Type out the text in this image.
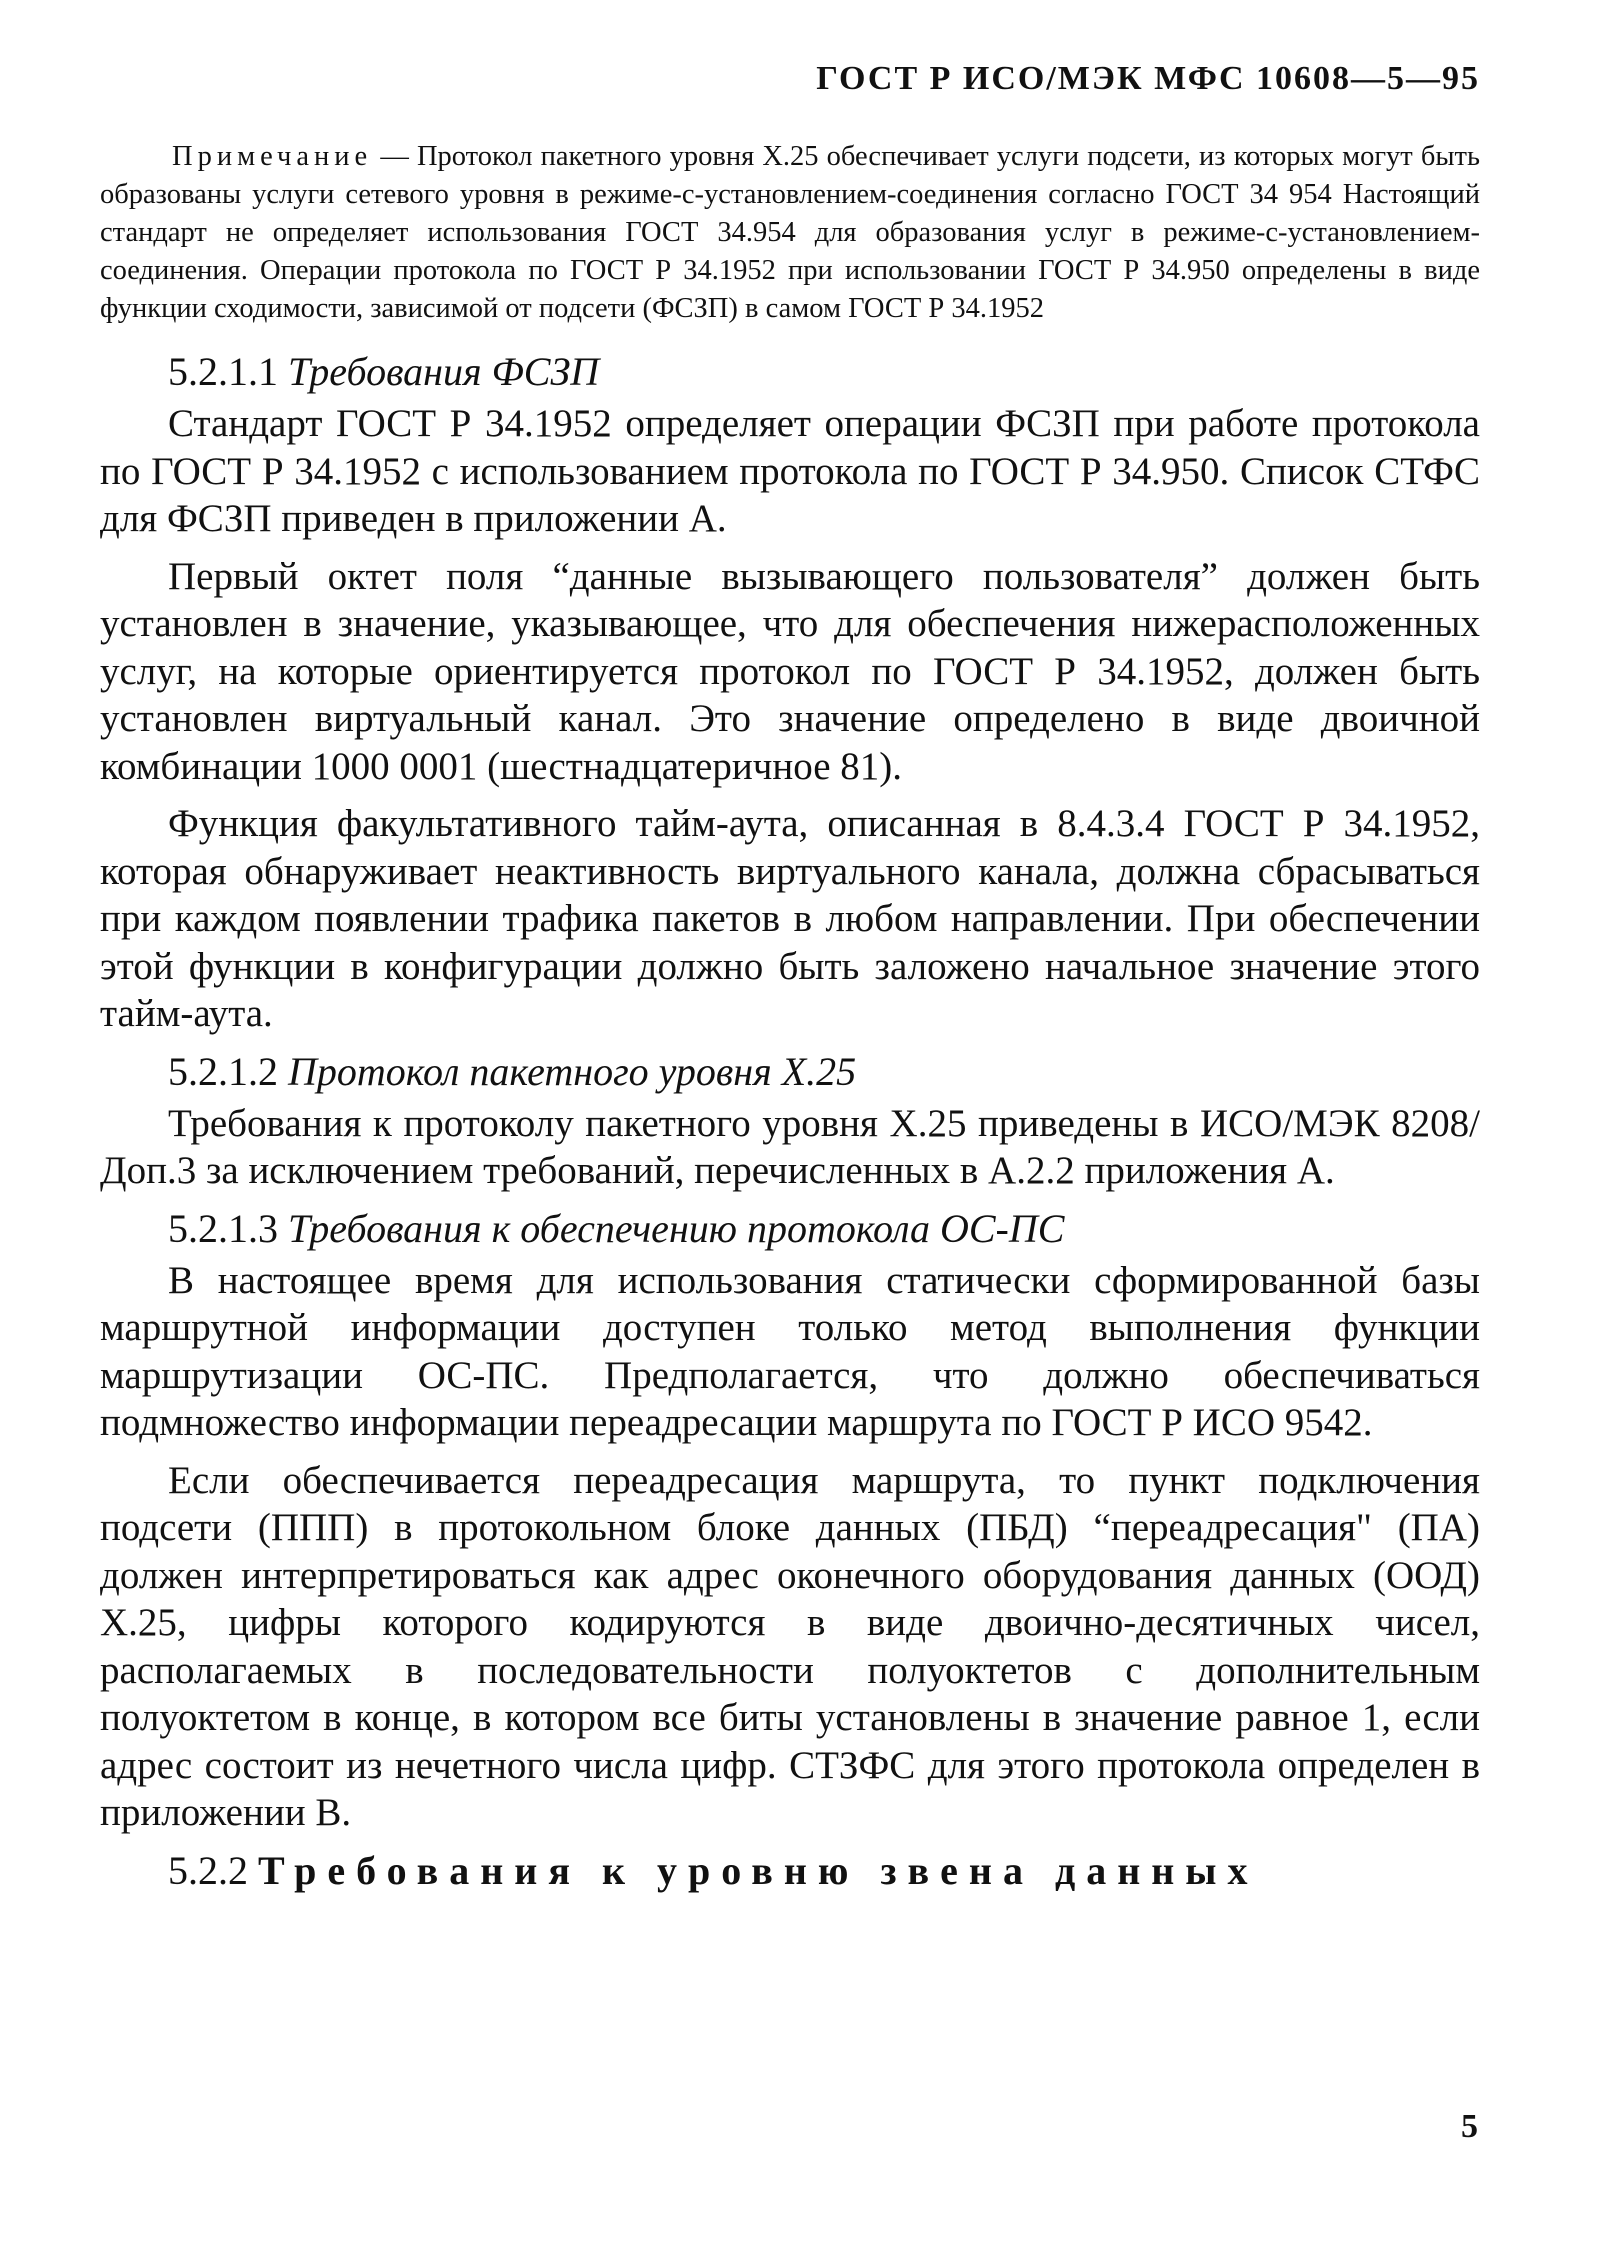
ГОСТ Р ИСО/МЭК МФС 10608—5—95

Примечание — Протокол пакетного уровня Х.25 обеспечивает услуги подсети, из которых могут быть образованы услуги сетевого уровня в режиме-с-установлением-соединения согласно ГОСТ 34 954 Настоящий стандарт не определяет использования ГОСТ 34.954 для образования услуг в режиме-с-установлением-соединения. Операции протокола по ГОСТ Р 34.1952 при использовании ГОСТ Р 34.950 определены в виде функции сходимости, зависимой от подсети (ФСЗП) в самом ГОСТ Р 34.1952

5.2.1.1 Требования ФСЗП

Стандарт ГОСТ Р 34.1952 определяет операции ФСЗП при работе протокола по ГОСТ Р 34.1952 с использованием протокола по ГОСТ Р 34.950. Список СТФС для ФСЗП приведен в приложении А.

Первый октет поля “данные вызывающего пользователя” должен быть установлен в значение, указывающее, что для обеспечения нижерасположенных услуг, на которые ориентируется протокол по ГОСТ Р 34.1952, должен быть установлен виртуальный канал. Это значение определено в виде двоичной комбинации 1000 0001 (шестнадцатеричное 81).

Функция факультативного тайм-аута, описанная в 8.4.3.4 ГОСТ Р 34.1952, которая обнаруживает неактивность виртуального канала, должна сбрасываться при каждом появлении трафика пакетов в любом направлении. При обеспечении этой функции в конфигурации должно быть заложено начальное значение этого тайм-аута.

5.2.1.2 Протокол пакетного уровня Х.25

Требования к протоколу пакетного уровня Х.25 приведены в ИСО/МЭК 8208/Доп.3 за исключением требований, перечисленных в А.2.2 приложения А.

5.2.1.3 Требования к обеспечению протокола ОС-ПС

В настоящее время для использования статически сформированной базы маршрутной информации доступен только метод выполнения функции маршрутизации ОС-ПС. Предполагается, что должно обеспечиваться подмножество информации переадресации маршрута по ГОСТ Р ИСО 9542.

Если обеспечивается переадресация маршрута, то пункт подключения подсети (ППП) в протокольном блоке данных (ПБД) “переадресация" (ПА) должен интерпретироваться как адрес оконечного оборудования данных (ООД) Х.25, цифры которого кодируются в виде двоично-десятичных чисел, располагаемых в последовательности полуоктетов с дополнительным полуоктетом в конце, в котором все биты установлены в значение равное 1, если адрес состоит из нечетного числа цифр. СТЗФС для этого протокола определен в приложении В.

5.2.2 Требования к уровню звена данных
5
